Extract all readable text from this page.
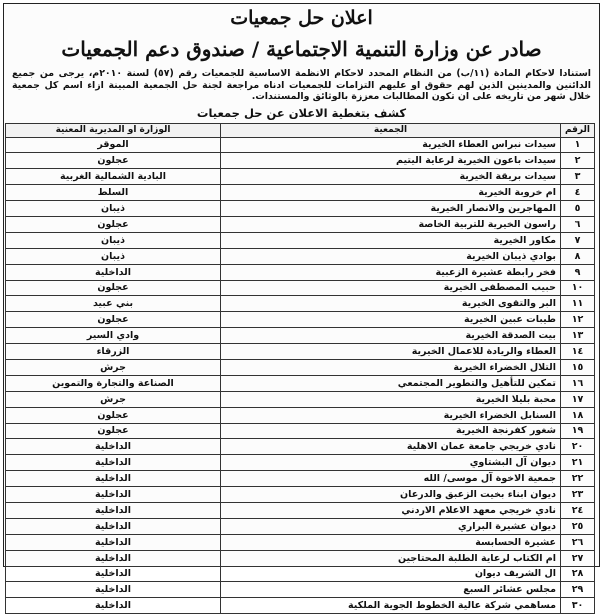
اعلان حل جمعيات
صادر عن وزارة التنمية الاجتماعية / صندوق دعم الجمعيات
استنادا لاحكام المادة (١١/ب) من النظام المحدد لاحكام الانظمة الاساسية للجمعيات رقم (٥٧) لسنة ٢٠١٠م، يرجى من جميع الدائنين والمدينين الذين لهم حقوق او عليهم التزامات للجمعيات ادناه مراجعة لجنة حل الجمعية المبينة ازاء اسم كل جمعية خلال شهر من تاريخه على ان تكون المطالبات معززة بالوثائق والمستندات.
كشف بتغطية الاعلان عن حل جمعيات
الرقم	الجمعية	الوزارة او المديرية المعنية
١	سيدات نبراس العطاء الخيرية	الموقر
٢	سيدات باعون الخيرية لرعاية اليتيم	عجلون
٣	سيدات بريقة الخيرية	البادية الشمالية الغربية
٤	ام خروبة الخيرية	السلط
٥	المهاجرين والانصار الخيرية	ذيبان
٦	راسون الخيرية للتربية الخاصة	عجلون
٧	مكاور الخيرية	ذيبان
٨	بوادي ذيبان الخيرية	ذيبان
٩	فخر رابطة عشيرة الزعبية	الداخلية
١٠	حبيب المصطفى الخيرية	عجلون
١١	البر والتقوى الخيرية	بني عبيد
١٢	طيبات عبين الخيرية	عجلون
١٣	بيت الصدقة الخيرية	وادي السير
١٤	العطاء والريادة للاعمال الخيرية	الزرقاء
١٥	التلال الخضراء الخيرية	جرش
١٦	تمكين للتأهيل والتطوير المجتمعي	الصناعة والتجارة والتموين
١٧	محبة بليلا الخيرية	جرش
١٨	السنابل الخضراء الخيرية	عجلون
١٩	شغور كفرنجة الخيرية	عجلون
٢٠	نادي خريجي جامعة عمان الاهلية	الداخلية
٢١	ديوان آل البشتاوي	الداخلية
٢٢	جمعية الاخوة آل موسى/ الله	الداخلية
٢٣	ديوان ابناء بخيت الزعبق والدرعان	الداخلية
٢٤	نادي خريجي معهد الاعلام الاردني	الداخلية
٢٥	ديوان عشيرة البراري	الداخلية
٢٦	عشيرة الحسابسة	الداخلية
٢٧	ام الكتاب لرعاية الطلبة المحتاجين	الداخلية
٢٨	ال الشريف ديوان	الداخلية
٢٩	مجلس عشائر السبع	الداخلية
٣٠	مساهمي شركة عالية الخطوط الجوية الملكية	الداخلية
